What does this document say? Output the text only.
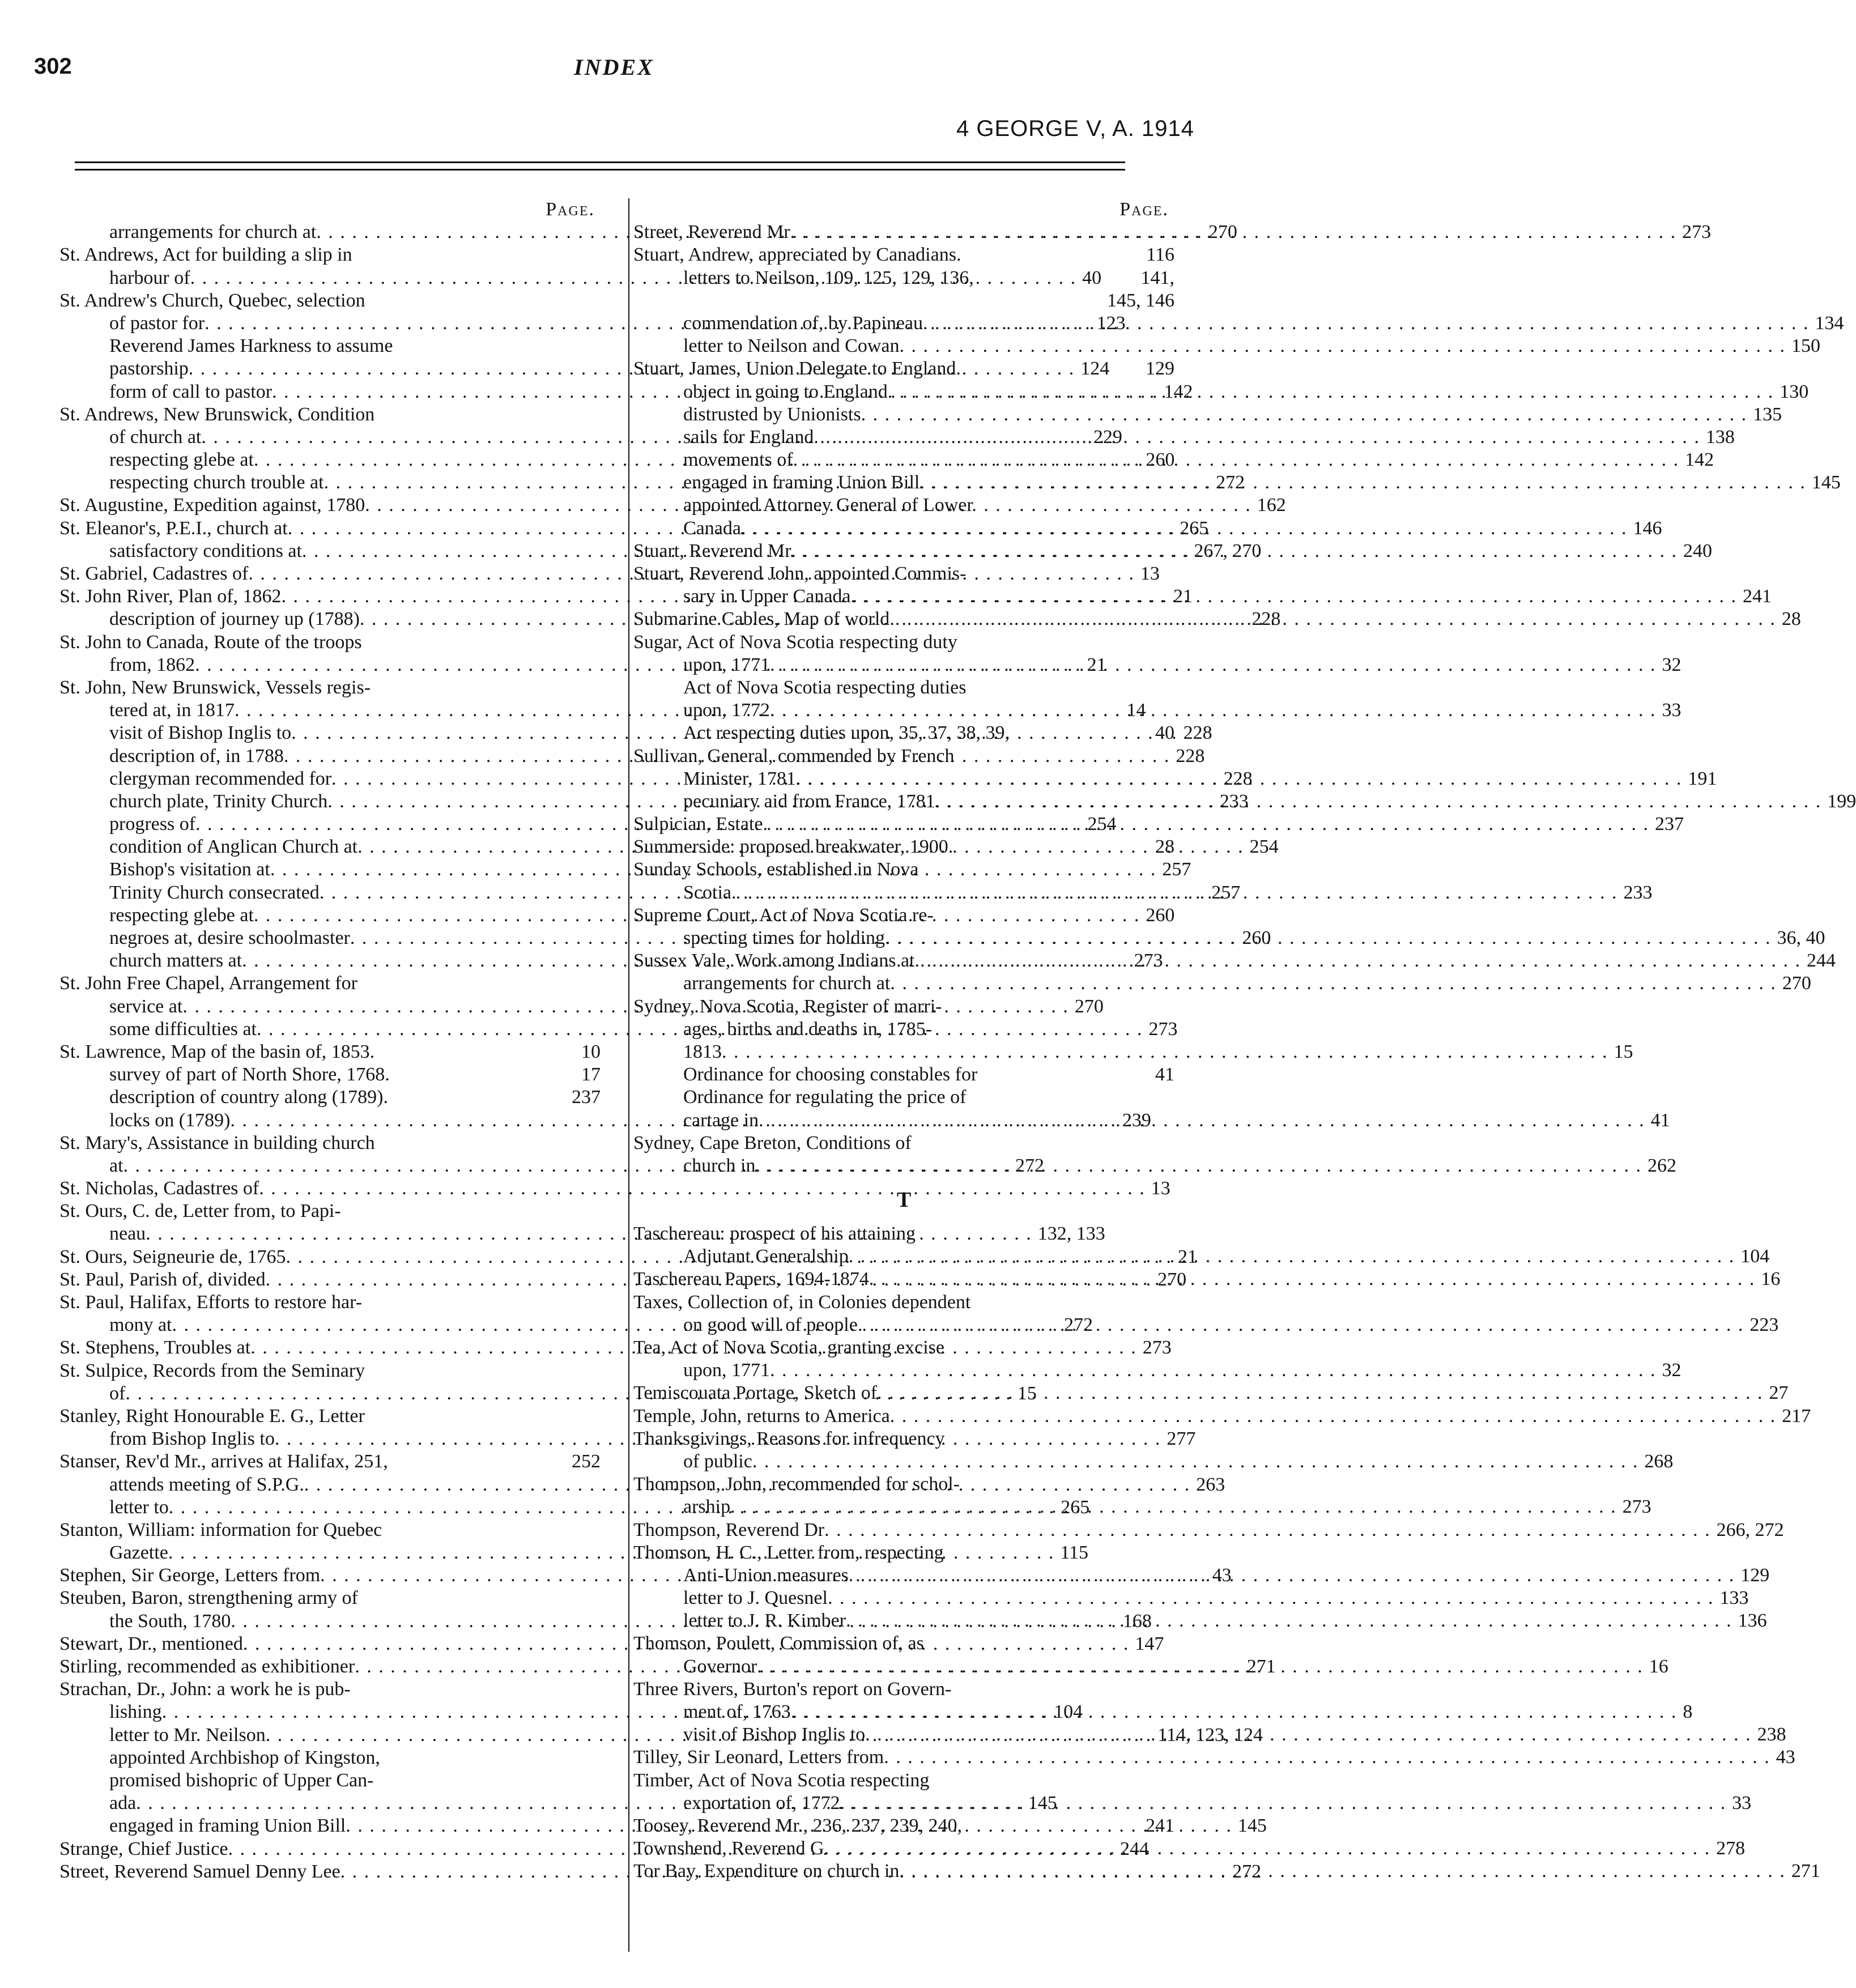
302	INDEX
4 GEORGE V, A. 1914
Page.
arrangements for church at . . .	270
St. Andrews, Act for building a slip in
harbour of . . .	40
St. Andrew's Church, Quebec, selection
of pastor for . . .	123
Reverend James Harkness to assume
pastorship . . .	124
form of call to pastor . . .	142
St. Andrews, New Brunswick, Condition
of church at . . .	229
respecting glebe at . . .	260
respecting church trouble at . . .	272
St. Augustine, Expedition against, 1780 . . .	162
St. Eleanor's, P.E.I., church at . . .	265
satisfactory conditions at . . .	267, 270
St. Gabriel, Cadastres of . . .	13
St. John River, Plan of, 1862 . . .	21
description of journey up (1788) . . .	228
St. John to Canada, Route of the troops
from, 1862 . . .	21
St. John, New Brunswick, Vessels regis-
tered at, in 1817 . . .	14
visit of Bishop Inglis to . . .	228
description of, in 1788 . . .	228
clergyman recommended for . . .	228
church plate, Trinity Church . . .	233
progress of . . .	254
condition of Anglican Church at . . .	254
Bishop's visitation at . . .	257
Trinity Church consecrated . . .	257
respecting glebe at . . .	260
negroes at, desire schoolmaster . . .	260
church matters at . . .	273
St. John Free Chapel, Arrangement for
service at . . .	270
some difficulties at . . .	273
St. Lawrence, Map of the basin of, 1853.	10
survey of part of North Shore, 1768.	17
description of country along (1789).	237
locks on (1789) . . .	239
St. Mary's, Assistance in building church
at . . .	272
St. Nicholas, Cadastres of . . .	13
St. Ours, C. de, Letter from, to Papi-
neau . . .	132, 133
St. Ours, Seigneurie de, 1765 . . .	21
St. Paul, Parish of, divided . . .	270
St. Paul, Halifax, Efforts to restore har-
mony at . . .	272
St. Stephens, Troubles at . . .	273
St. Sulpice, Records from the Seminary
of . . .	15
Stanley, Right Honourable E. G., Letter
from Bishop Inglis to . . .	277
Stanser, Rev'd Mr., arrives at Halifax, 251,	252
attends meeting of S.P.G. . . .	263
letter to . . .	265
Stanton, William: information for Quebec
Gazette . . .	115
Stephen, Sir George, Letters from . . .	43
Steuben, Baron, strengthening army of
the South, 1780 . . .	168
Stewart, Dr., mentioned . . .	147
Stirling, recommended as exhibitioner . . .	271
Strachan, Dr., John: a work he is pub-
lishing . . .	104
letter to Mr. Neilson . . .	114, 123, 124
appointed Archbishop of Kingston,
promised bishopric of Upper Can-
ada . . .	145
engaged in framing Union Bill . . .	145
Strange, Chief Justice . . .	244
Street, Reverend Samuel Denny Lee . . .	272
Page.
Street, Reverend Mr . . .	273
Stuart, Andrew, appreciated by Canadians.	116
letters to Neilson, 109, 125, 129, 136,	141,
145, 146
commendation of, by Papineau . . .	134
letter to Neilson and Cowan . . .	150
Stuart, James, Union Delegate to England.	129
object in going to England . . .	130
distrusted by Unionists . . .	135
sails for England . . .	138
movements of . . .	142
engaged in framing Union Bill . . .	145
appointed Attorney General of Lower
Canada . . .	146
Stuart, Reverend Mr . . .	240
Stuart, Reverend John, appointed Commis-
sary in Upper Canada . . .	241
Submarine Cables, Map of world . . .	28
Sugar, Act of Nova Scotia respecting duty
upon, 1771 . . .	32
Act of Nova Scotia respecting duties
upon, 1772 . . .	33
Act respecting duties upon, 35, 37, 38, 39,	40
Sullivan, General, commended by French
Minister, 1781 . . .	191
pecuniary aid from France, 1781 . . .	199
Sulpician, Estate . . .	237
Summerside: proposed breakwater, 1900.	28
Sunday Schools, established in Nova
Scotia . . .	233
Supreme Court, Act of Nova Scotia re-
specting times for holding . . .	36, 40
Sussex Vale, Work among Indians at . . .	244
arrangements for church at . . .	270
Sydney, Nova Scotia, Register of marri-
ages, births and deaths in, 1785-
1813 . . .	15
Ordinance for choosing constables for	41
Ordinance for regulating the price of
cartage in . . .	41
Sydney, Cape Breton, Conditions of
church in . . .	262
T
Taschereau: prospect of his attaining
Adjutant Generalship . . .	104
Taschereau Papers, 1694-1874 . . .	16
Taxes, Collection of, in Colonies dependent
on good will of people . . .	223
Tea, Act of Nova Scotia, granting excise
upon, 1771 . . .	32
Temiscouata Portage, Sketch of . . .	27
Temple, John, returns to America . . .	217
Thanksgivings, Reasons for infrequency
of public . . .	268
Thompson, John, recommended for schol-
arship . . .	273
Thompson, Reverend Dr . . .	266, 272
Thomson, H. C., Letter from, respecting
Anti-Union measures . . .	129
letter to J. Quesnel . . .	133
letter to J. R. Kimber . . .	136
Thomson, Poulett, Commission of, as
Governor . . .	16
Three Rivers, Burton's report on Govern-
ment of, 1763 . . .	8
visit of Bishop Inglis to . . .	238
Tilley, Sir Leonard, Letters from . . .	43
Timber, Act of Nova Scotia respecting
exportation of, 1772 . . .	33
Toosey, Reverend Mr., 236, 237, 239, 240,	241
Townshend, Reverend G . . .	278
Tor Bay, Expenditure on church in . . .	271
